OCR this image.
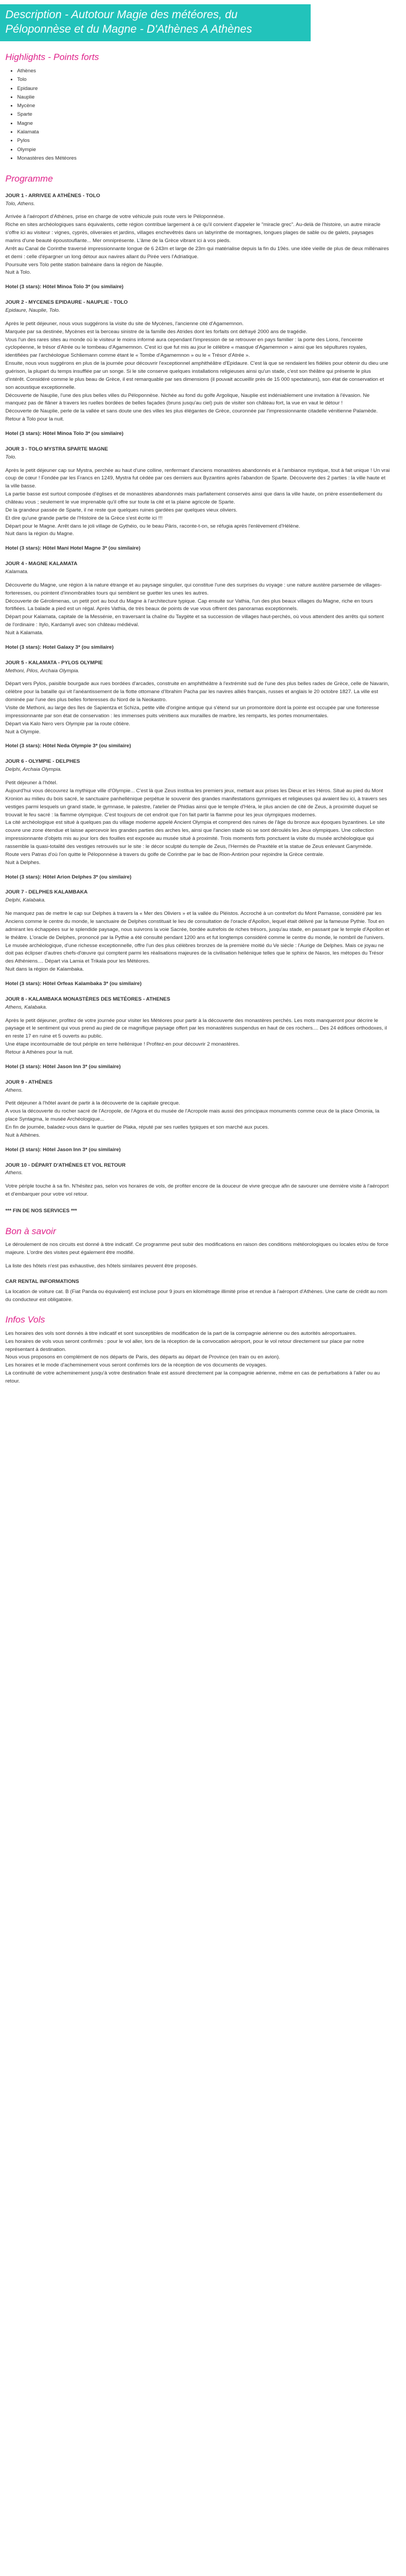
Description - Autotour Magie des météores, du Péloponnèse et du Magne - D'Athènes A Athènes
Highlights - Points forts
• Athènes
• Tolo
• Epidaure
• Nauplie
• Mycène
• Sparte
• Magne
• Kalamata
• Pylos
• Olympie
• Monastères des Météores
Programme

JOUR 1 - ARRIVEE A ATHÈNES - TOLO

Tolo, Athens.

Arrivée à l'aéroport d'Athènes, prise en charge de votre véhicule puis route vers le Péloponnèse.

Riche en sites archéologiques sans équivalents, cette région contribue largement à ce qu'il convient d'appeler le "miracle grec". Au-delà de l'histoire, un autre miracle s'offre ici au visiteur : vignes, cyprès, oliveraies et jardins, villages enchevêtrés dans un labyrinthe de montagnes, longues plages de sable ou de galets, paysages marins d'une beauté époustouflante... Mer omniprésente. L'âme de la Grèce vibrant ici à vos pieds.

Arrêt au Canal de Corinthe traversé impressionnante longue de 6 243m et large de 23m qui matérialise depuis la fin du 19ès. une idée vieille de plus de deux millénaires et demi : celle d'épargner un long détour aux navires allant du Pirée vers l'Adriatique.

Poursuite vers Tolo petite station balnéaire dans la région de Nauplie.

Nuit à Tolo.

Hotel (3 stars): Hôtel Minoa Tolo 3* (ou similaire)

JOUR 2 - MYCENES EPIDAURE - NAUPLIE - TOLO

Epidaure, Nauplie, Tolo.

Après le petit déjeuner, nous vous suggérons la visite du site de Mycènes, l'ancienne cité d'Agamemnon.

Marquée par sa destinée, Mycènes est la berceau sinistre de la famille des Atrides dont les forfaits ont défrayé 2000 ans de tragédie.

Vous l'un des rares sites au monde où le visiteur le moins informé aura cependant l'impression de se retrouver en pays familier : la porte des Lions, l'enceinte cyclopéenne, le trésor d'Atrée ou le tombeau d'Agamemnon. C'est ici que fut mis au jour le célèbre « masque d'Agamemnon » ainsi que les sépultures royales, identifiées par l'archéologue Schliemann comme étant le « Tombe d'Agamemnon » ou le « Trésor d'Atrée ».

Ensuite, nous vous suggérons en plus de la journée pour découvrir l'exceptionnel amphithéâtre d'Epidaure. C'est là que se rendaient les fidèles pour obtenir du dieu une guérison, la plupart du temps insufflée par un songe. Si le site conserve quelques installations religieuses ainsi qu'un stade, c'est son théâtre qui présente le plus d'intérêt. Considéré comme le plus beau de Grèce, il est remarquable par ses dimensions (il pouvait accueillir près de 15 000 spectateurs), son état de conservation et son acoustique exceptionnelle.

Découverte de Nauplie, l'une des plus belles villes du Péloponnèse. Nichée au fond du golfe Argolique, Nauplie est indéniablement une invitation à l'évasion. Ne manquez pas de flâner à travers les ruelles bordées de belles façades (bruns jusqu'au ciel) puis de visiter son château fort, la vue en vaut le détour !

Découverte de Nauplie, perle de la vallée et sans doute une des villes les plus élégantes de Grèce, couronnée par l'impressionnante citadelle vénitienne Palamède.

Retour à Tolo pour la nuit.

Hotel (3 stars): Hôtel Minoa Tolo 3* (ou similaire)

JOUR 3 - TOLO MYSTRA SPARTE MAGNE

Tolo.

Après le petit déjeuner cap sur Mystra, perchée au haut d'une colline, renfermant d'anciens monastères abandonnés et à l'ambiance mystique, tout à fait unique ! Un vrai coup de cœur ! Fondée par les Francs en 1249, Mystra fut cédée par ces derniers aux Byzantins après l'abandon de Sparte. Découverte des 2 parties : la ville haute et la ville basse.

La partie basse est surtout composée d'églises et de monastères abandonnés mais parfaitement conservés ainsi que dans la ville haute, on prière essentiellement du château vous ; seulement le vue imprenable qu'il offre sur toute la cité et la plaine agricole de Sparte.

De la grandeur passée de Sparte, il ne reste que quelques ruines gardées par quelques vieux oliviers.

Et dire qu'une grande partie de l'Histoire de la Grèce s'est écrite ici !!!

Départ pour le Magne. Arrêt dans le joli village de Gythéio, ou le beau Päris, raconte-t-on, se réfugia après l'enlèvement d'Hélène.

Nuit dans la région du Magne.

Hotel (3 stars): Hôtel Mani Hotel Magne 3* (ou similaire)

JOUR 4 - MAGNE KALAMATA

Kalamata.

Découverte du Magne, une région à la nature étrange et au paysage singulier, qui constitue l'une des surprises du voyage : une nature austère parsemée de villages-forteresses, ou pointent d'innombrables tours qui semblent se guetter les unes les autres.

Découverte de Gérolimenas, un petit port au bout du Magne à l'architecture typique. Cap ensuite sur Vathia, l'un des plus beaux villages du Magne, riche en tours fortifiées. La balade a pied est un régal. Après Vathia, de très beaux de points de vue vous offrent des panoramas exceptionnels.

Départ pour Kalamata, capitale de la Messénie, en traversant la chaîne du Taygète et sa succession de villages haut-perchés, où vous attendent des arrêts qui sortent de l'ordinaire : Itylo, Kardamyli avec son château médiéval.

Nuit à Kalamata.

Hotel (3 stars): Hotel Galaxy 3* (ou similaire)

JOUR 5 - KALAMATA - PYLOS OLYMPIE

Methoni, Pilos, Archaia Olympia.

Départ vers Pylos, paisible bourgade aux rues bordées d'arcades, construite en amphithéâtre à l'extrémité sud de l'une des plus belles rades de Grèce, celle de Navarin, célèbre pour la bataille qui vit l'anéantissement de la flotte ottomane d'Ibrahim Pacha par les navires alliés français, russes et anglais le 20 octobre 1827. La ville est dominée par l'une des plus belles forteresses du Nord de la Neokastro.

Visite de Methoni, au large des îles de Sapientza et Schiza, petite ville d'origine antique qui s'étend sur un promontoire dont la pointe est occupée par une forteresse impressionnante par son état de conservation : les immenses puits vénitiens aux murailles de marbre, les remparts, les portes monumentales.

Départ via Kalo Nero vers Olympie par la route côtière.

Nuit à Olympie.

Hotel (3 stars): Hôtel Neda Olympie 3* (ou similaire)

JOUR 6 - OLYMPIE - DELPHES

Delphi, Archaia Olympia.

Petit déjeuner à l'hôtel.

Aujourd'hui vous découvrez la mythique ville d'Olympie... C'est là que Zeus institua les premiers jeux, mettant aux prises les Dieux et les Héros. Situé au pied du Mont Kronion au milieu du bois sacré, le sanctuaire panhellénique perpétue le souvenir des grandes manifestations gymniques et religieuses qui avaient lieu ici, à travers ses vestiges parmi lesquels un grand stade, le gymnase, le palestre, l'atelier de Phidias ainsi que le temple d'Héra, le plus ancien de cité de Zeus, à proximité duquel se trouvait le feu sacré : la flamme olympique. C'est toujours de cet endroit que l'on fait partir la flamme pour les jeux olympiques modernes.

La cité archéologique est situé à quelques pas du village moderne appelé Ancient Olympia et comprend des ruines de l'âge du bronze aux époques byzantines. Le site couvre une zone étendue et laisse apercevoir les grandes parties des arches les, ainsi que l'ancien stade où se sont déroulés les Jeux olympiques. Une collection impressionnante d'objets mis au jour lors des fouilles est exposée au musée situé à proximité. Trois moments forts ponctuent la visite du musée archéologique qui rassemble la quasi-totalité des vestiges retrouvés sur le site : le décor sculpté du temple de Zeus, l'Hermès de Praxitèle et la statue de Zeus enlevant Ganymède.

Route vers Patras d'où l'on quitte le Péloponnèse à travers du golfe de Corinthe par le bac de Rion-Antirion pour rejoindre la Grèce centrale.

Nuit à Delphes.

Hotel (3 stars): Hôtel Arion Delphes 3* (ou similaire)

JOUR 7 - DELPHES KALAMBAKA

Delphi, Kalabaka.

Ne manquez pas de mettre le cap sur Delphes à travers la « Mer des Oliviers » et la vallée du Pléistos. Accroché à un contrefort du Mont Parnasse, considéré par les Anciens comme le centre du monde, le sanctuaire de Delphes constituait le lieu de consultation de l'oracle d'Apollon, lequel était délivré par la fameuse Pythie. Tout en admirant les échappées sur le splendide paysage, nous suivrons la voie Sacrée, bordée autrefois de riches trésors, jusqu'au stade, en passant par le temple d'Apollon et le théâtre. L'oracle de Delphes, prononcé par la Pythie a été consulté pendant 1200 ans et fut longtemps considéré comme le centre du monde, le nombril de l'univers. Le musée archéologique, d'une richesse exceptionnelle, offre l'un des plus célèbres bronzes de la première moitié du Ve siècle : l'Aurige de Delphes. Mais ce joyau ne doit pas éclipser d'autres chefs-d'œuvre qui comptent parmi les réalisations majeures de la civilisation hellénique telles que le sphinx de Naxos, les métopes du Trésor des Athéniens.... Départ via Lamia et Trikala pour les Météores.

Nuit dans la région de Kalambaka.

Hotel (3 stars): Hôtel Orfeas Kalambaka 3* (ou similaire)

JOUR 8 - KALAMBAKA MONASTÈRES DES METÉORES - ATHENES

Athens, Kalabaka.

Après le petit déjeuner, profitez de votre journée pour visiter les Météores pour partir à la découverte des monastères perchés. Les mots manqueront pour décrire le paysage et le sentiment qui vous prend au pied de ce magnifique paysage offert par les monastères suspendus en haut de ces rochers.... Des 24 édifices orthodoxes, il en reste 17 en ruine et 5 ouverts au public.

Une étape incontournable de tout périple en terre hellénique ! Profitez-en pour découvrir 2 monastères.

Retour à Athènes pour la nuit.

Hotel (3 stars): Hôtel Jason Inn 3* (ou similaire)

JOUR 9 - ATHÈNES

Athens.

Petit déjeuner à l'hôtel avant de partir à la découverte de la capitale grecque.

A vous la découverte du rocher sacré de l'Acropole, de l'Agora et du musée de l'Acropole mais aussi des principaux monuments comme ceux de la place Omonia, la place Syntagma, le musée Archéologique...

En fin de journée, baladez-vous dans le quartier de Plaka, réputé par ses ruelles typiques et son marché aux puces.

Nuit à Athènes.

Hotel (3 stars): Hôtel Jason Inn 3* (ou similaire)

JOUR 10 - DÉPART D'ATHÈNES ET VOL RETOUR

Athens.

Votre périple touche à sa fin. N'hésitez pas, selon vos horaires de vols, de profiter encore de la douceur de vivre grecque afin de savourer une dernière visite à l'aéroport et d'embarquer pour votre vol retour.

*** FIN DE NOS SERVICES ***

Bon à savoir

Le déroulement de nos circuits est donné à titre indicatif. Ce programme peut subir des modifications en raison des conditions météorologiques ou locales et/ou de force majeure. L'ordre des visites peut également être modifié.

La liste des hôtels n'est pas exhaustive, des hôtels similaires peuvent être proposés.

CAR RENTAL INFORMATIONS

La location de voiture cat. B (Fiat Panda ou équivalent) est incluse pour 9 jours en kilométrage illimité prise et rendue à l'aéroport d'Athènes. Une carte de crédit au nom du conducteur est obligatoire.

Infos Vols

Les horaires des vols sont donnés à titre indicatif et sont susceptibles de modification de la part de la compagnie aérienne ou des autorités aéroportuaires.

Les horaires de vols vous seront confirmés : pour le vol aller, lors de la réception de la convocation aéroport, pour le vol retour directement sur place par notre représentant à destination.

Nous vous proposons en complément de nos départs de Paris, des départs au départ de Province (en train ou en avion).

Les horaires et le mode d'acheminement vous seront confirmés lors de la réception de vos documents de voyages.

La continuité de votre acheminement jusqu'à votre destination finale est assuré directement par la compagnie aérienne, même en cas de perturbations à l'aller ou au retour.
